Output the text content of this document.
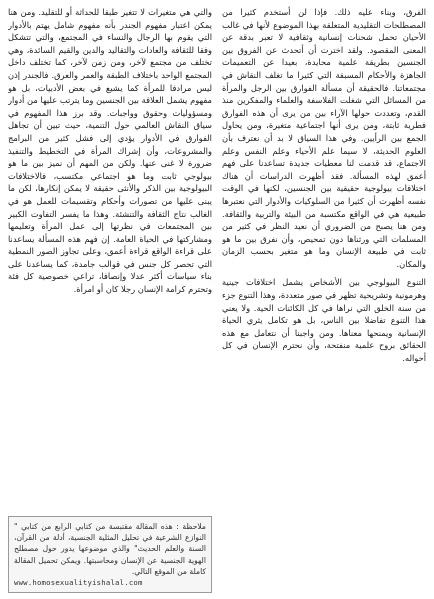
الفرق، وبناء عليه ذلك. فإذا لن أستخدم كثيرا من المصطلحات التقليدية المتعلقة بهذا الموضوع لأنها في غالب الأحيان تحمل شحنات إنسانية وثقافية لا تعبر بدقة عن المعنى المقصود. ولقد اخترت أن أتحدث عن الفروق بين الجنسين بطريقة علمية محايدة، بعيدا عن التعميمات الجاهزة والأحكام المسبقة التي كثيرا ما تغلف النقاش في مجتمعاتنا. فالحقيقة أن مسألة الفوارق بين الرجل والمرأة من المسائل التي شغلت الفلاسفة والعلماء والمفكرين منذ القدم، وتعددت حولها الآراء بين من يرى أن هذه الفوارق فطرية ثابتة، ومن يرى أنها اجتماعية متغيرة، ومن يحاول الجمع بين الرأيين. وفي هذا السياق لا بد أن نعترف بأن العلوم الحديثة، لا سيما علم الأحياء وعلم النفس وعلم الاجتماع، قد قدمت لنا معطيات جديدة تساعدنا على فهم أعمق لهذه المسألة. فقد أظهرت الدراسات أن هناك اختلافات بيولوجية حقيقية بين الجنسين، لكنها في الوقت نفسه أظهرت أن كثيرا من السلوكيات والأدوار التي نعتبرها طبيعية هي في الواقع مكتسبة من البيئة والتربية والثقافة. ومن هنا يصبح من الضروري أن نعيد النظر في كثير من المسلمات التي ورثناها دون تمحيص، وأن نفرق بين ما هو ثابت في طبيعة الإنسان وما هو متغير بحسب الزمان والمكان.

التنوع البيولوجي بين الأشخاص يشمل اختلافات جينية وهرمونية وتشريحية تظهر في صور متعددة، وهذا التنوع جزء من سنة الخلق التي نراها في كل الكائنات الحية. ولا يعني هذا التنوع تفاضلا بين الناس، بل هو تكامل يثري الحياة الإنسانية ويمنحها معناها. ومن واجبنا أن نتعامل مع هذه الحقائق بروح علمية منفتحة، وأن نحترم الإنسان في كل أحواله.

والتي هي متغيرات لا تتغير طبقا للحداثة أو للتقليد. ومن هنا يمكن اعتبار مفهوم الجندر بأنه مفهوم شامل يهتم بالأدوار التي يقوم بها الرجال والنساء في المجتمع، والتي تتشكل وفقا للثقافة والعادات والتقاليد والدين والقيم السائدة، وهي تختلف من مجتمع لآخر، ومن زمن لآخر، كما تختلف داخل المجتمع الواحد باختلاف الطبقة والعمر والعرق. فالجندر إذن ليس مرادفا للمرأة كما يشيع في بعض الأدبيات، بل هو مفهوم يشمل العلاقة بين الجنسين وما يترتب عليها من أدوار ومسؤوليات وحقوق وواجبات. وقد برز هذا المفهوم في سياق النقاش العالمي حول التنمية، حيث تبين أن تجاهل الفوارق في الأدوار يؤدي إلى فشل كثير من البرامج والمشروعات، وأن إشراك المرأة في التخطيط والتنفيذ ضرورة لا غنى عنها. ولكن من المهم أن نميز بين ما هو بيولوجي ثابت وما هو اجتماعي مكتسب، فالاختلافات البيولوجية بين الذكر والأنثى حقيقة لا يمكن إنكارها، لكن ما يبنى عليها من تصورات وأحكام وتقسيمات للعمل هو في الغالب نتاج الثقافة والتنشئة. وهذا ما يفسر التفاوت الكبير بين المجتمعات في نظرتها إلى عمل المرأة وتعليمها ومشاركتها في الحياة العامة. إن فهم هذه المسألة يساعدنا على قراءة الواقع قراءة أعمق، وعلى تجاوز الصور النمطية التي تحصر كل جنس في قوالب جامدة، كما يساعدنا على بناء سياسات أكثر عدلا وإنصافا، تراعي خصوصية كل فئة وتحترم كرامة الإنسان رجلا كان أو امرأة.

ملاحظة : هذه المقالة مقتبسة من كتابي الرابع من كتابي " النوازع الشرعية في تحليل المثلية الجنسية، أدلة من القرآن، السنة والعلم الحديث" والذي موضوعها يدور حول مصطلح الهوية الجنسية عن الإنسان ومحاسبتها. ويمكن تحميل المقالة كاملة من الموقع التالي.

www.homosexualityishalal.com
